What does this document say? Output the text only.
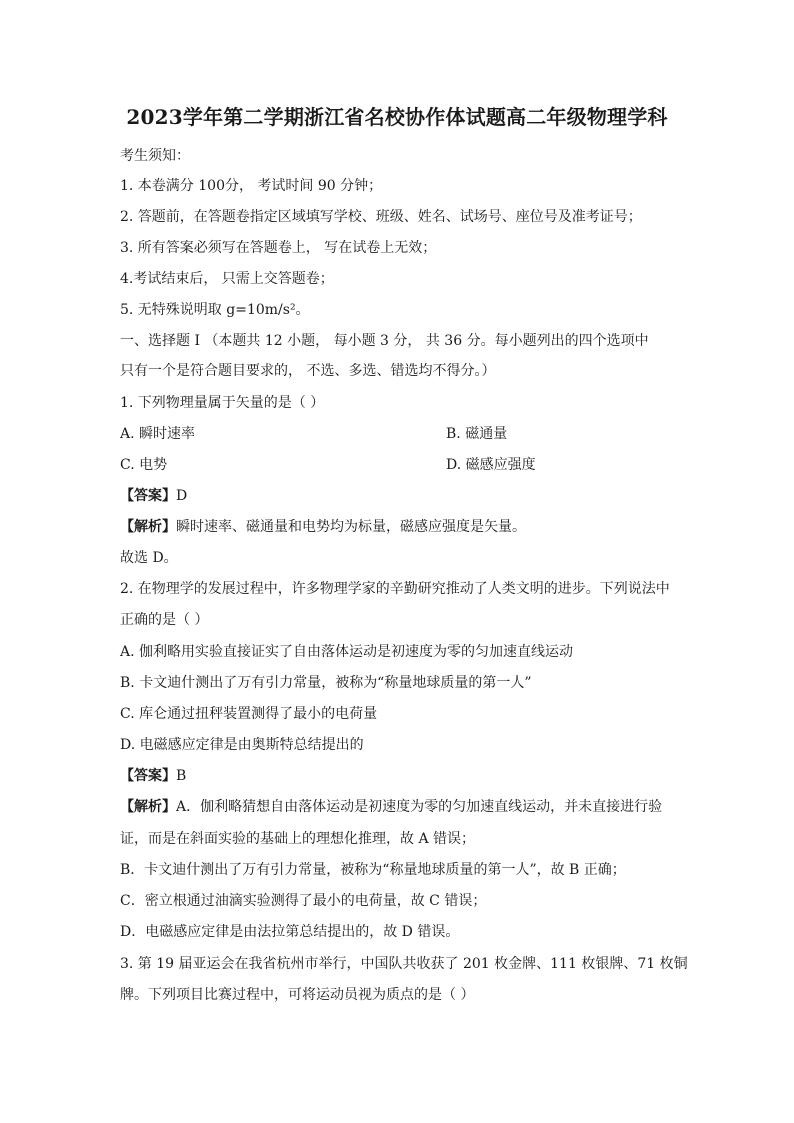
2023学年第二学期浙江省名校协作体试题高二年级物理学科
考生须知：
1. 本卷满分 100分， 考试时间 90 分钟；
2. 答题前，在答题卷指定区域填写学校、班级、姓名、试场号、座位号及准考证号；
3. 所有答案必须写在答题卷上， 写在试卷上无效；
4.考试结束后， 只需上交答题卷；
5. 无特殊说明取 g=10m/s²。
一、选择题 I （本题共 12 小题， 每小题 3 分， 共 36 分。每小题列出的四个选项中
只有一个是符合题目要求的， 不选、多选、错选均不得分。）
1. 下列物理量属于矢量的是（ ）
A. 瞬时速率	B. 磁通量
C. 电势	D. 磁感应强度
【答案】D
【解析】瞬时速率、磁通量和电势均为标量，磁感应强度是矢量。
故选 D。
2. 在物理学的发展过程中，许多物理学家的辛勤研究推动了人类文明的进步。下列说法中
正确的是（ ）
A. 伽利略用实验直接证实了自由落体运动是初速度为零的匀加速直线运动
B. 卡文迪什测出了万有引力常量，被称为“称量地球质量的第一人”
C. 库仑通过扭秤装置测得了最小的电荷量
D. 电磁感应定律是由奥斯特总结提出的
【答案】B
【解析】A．伽利略猜想自由落体运动是初速度为零的匀加速直线运动，并未直接进行验
证，而是在斜面实验的基础上的理想化推理，故 A 错误；
B．卡文迪什测出了万有引力常量，被称为“称量地球质量的第一人”，故 B 正确；
C．密立根通过油滴实验测得了最小的电荷量，故 C 错误；
D．电磁感应定律是由法拉第总结提出的，故 D 错误。
3. 第 19 届亚运会在我省杭州市举行，中国队共收获了 201 枚金牌、111 枚银牌、71 枚铜
牌。下列项目比赛过程中，可将运动员视为质点的是（ ）
